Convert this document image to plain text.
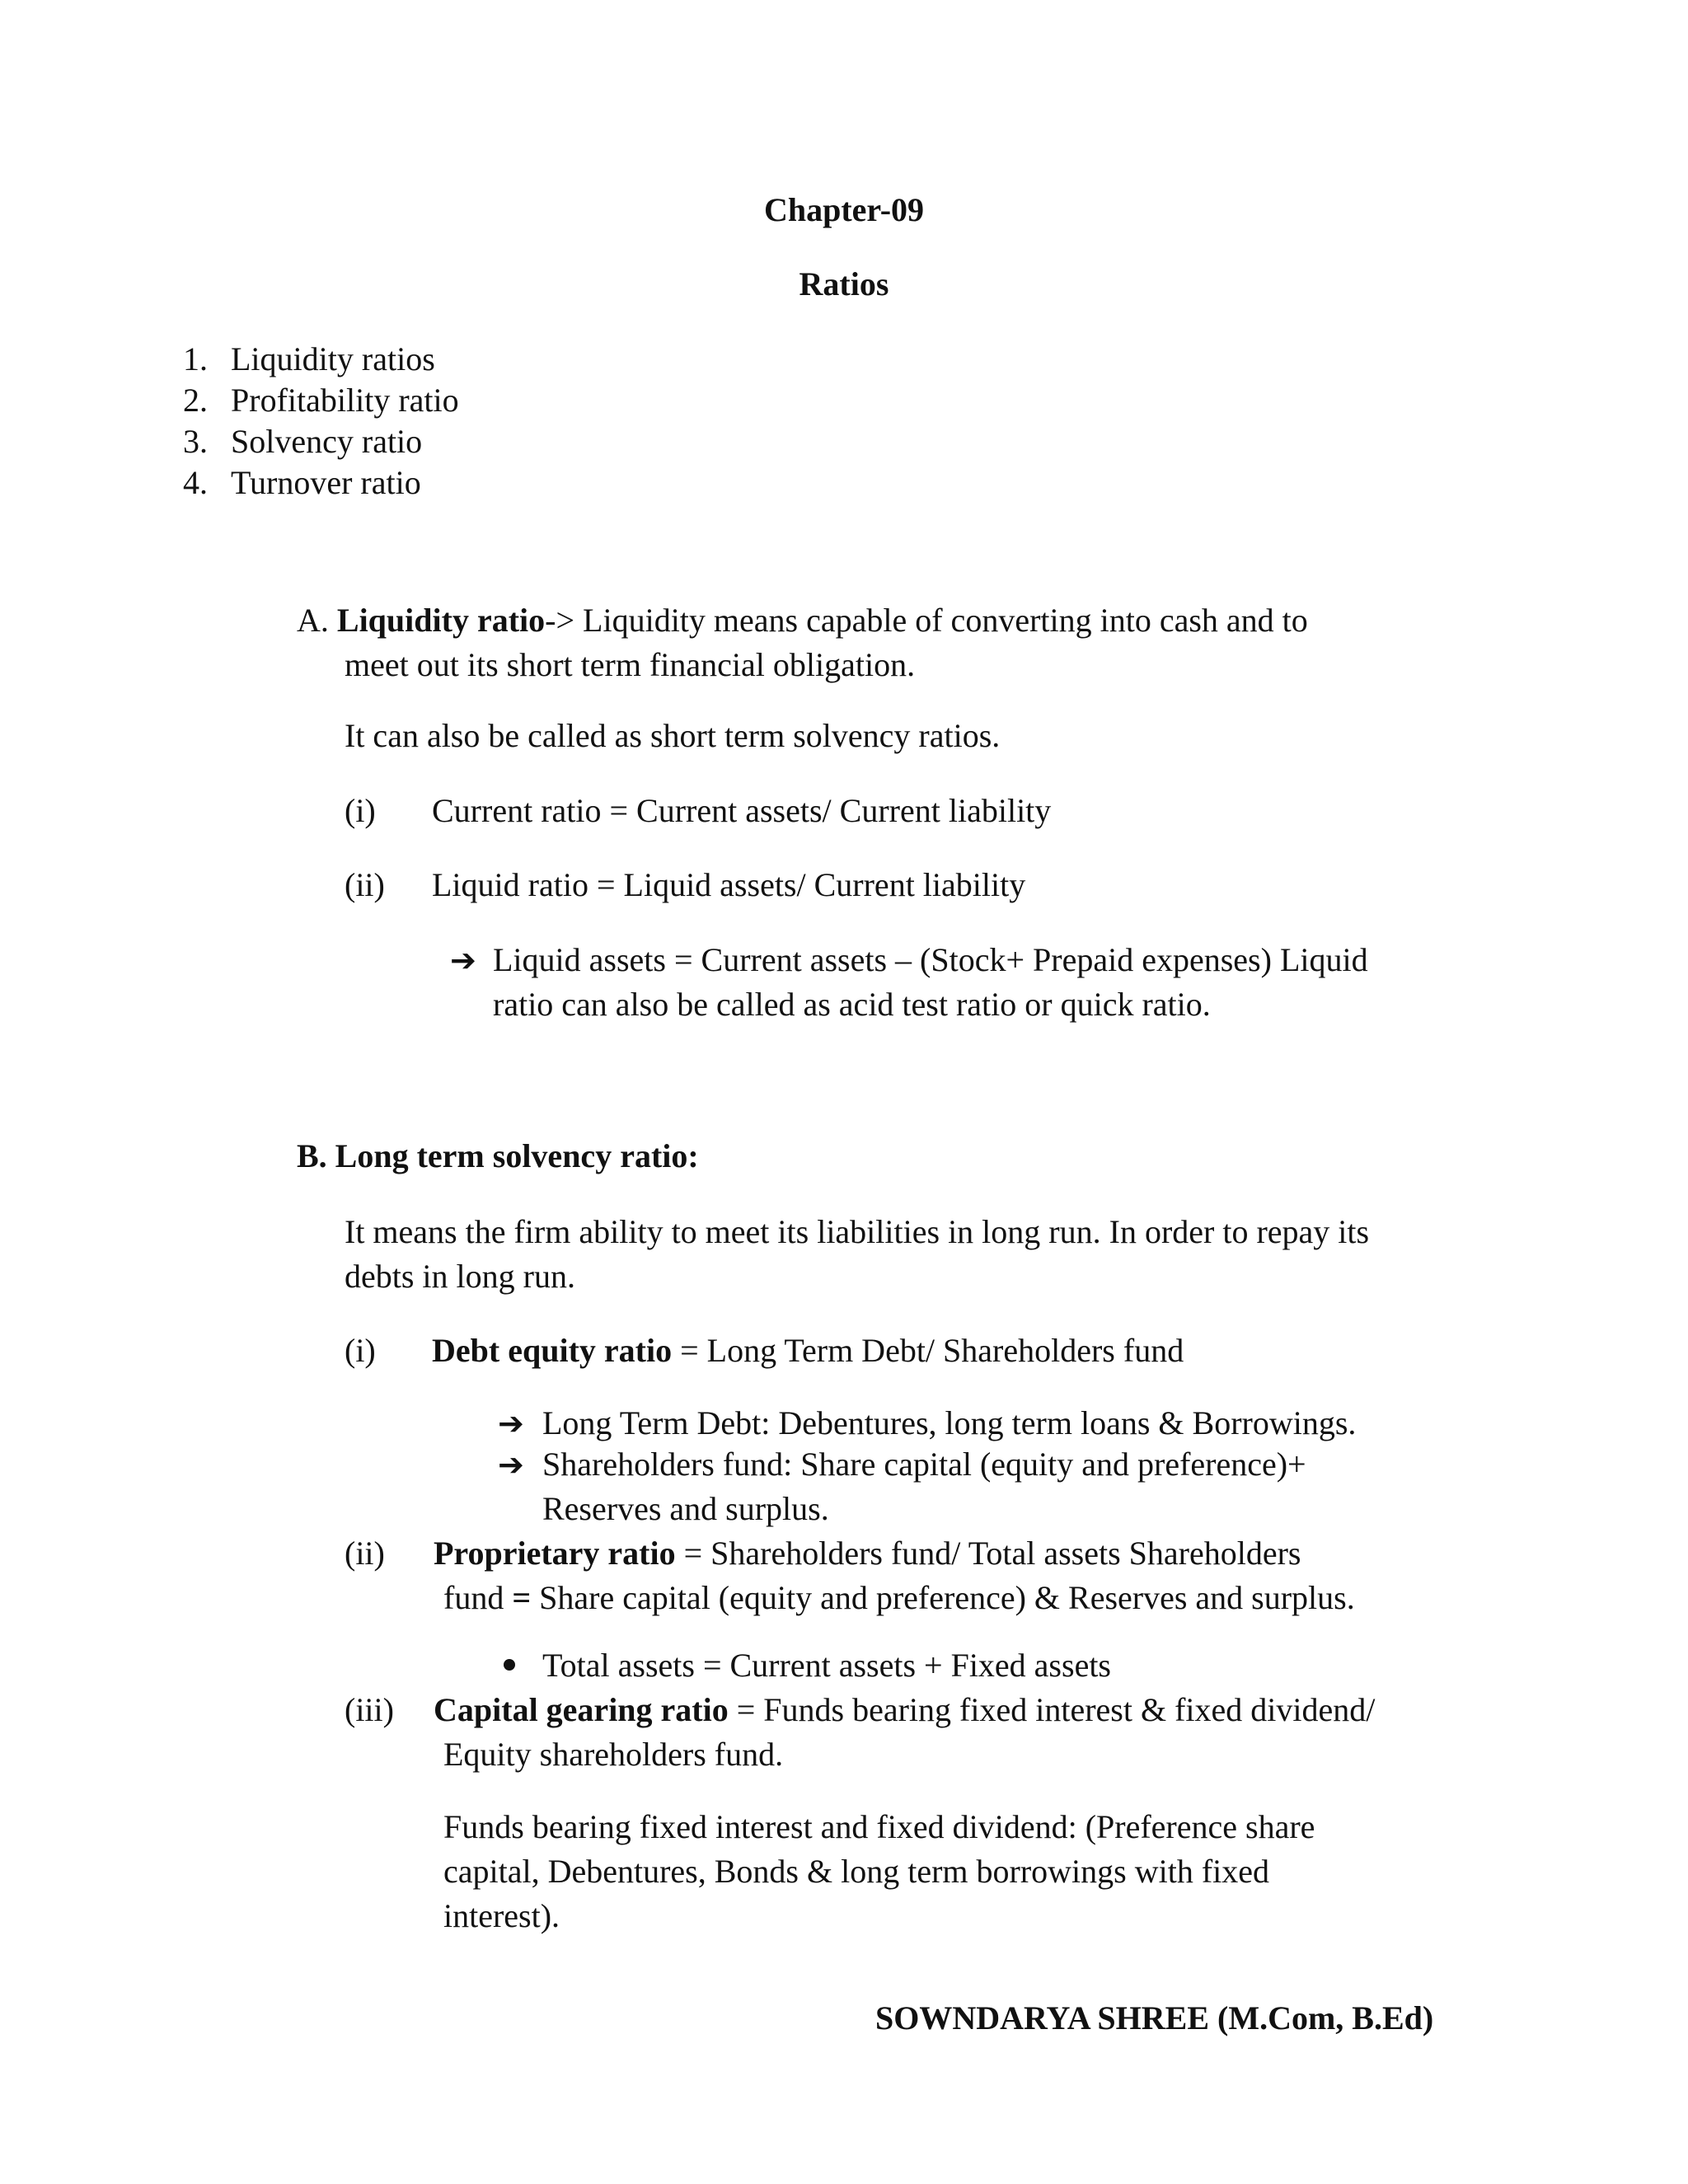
Chapter-09
Ratios
1. Liquidity ratios
2. Profitability ratio
3. Solvency ratio
4. Turnover ratio
A. Liquidity ratio-> Liquidity means capable of converting into cash and to
meet out its short term financial obligation.
It can also be called as short term solvency ratios.
(i) Current ratio = Current assets/ Current liability
(ii) Liquid ratio = Liquid assets/ Current liability
➔ Liquid assets = Current assets – (Stock+ Prepaid expenses) Liquid
ratio can also be called as acid test ratio or quick ratio.
B. Long term solvency ratio:
It means the firm ability to meet its liabilities in long run. In order to repay its
debts in long run.
(i) Debt equity ratio = Long Term Debt/ Shareholders fund
➔ Long Term Debt: Debentures, long term loans & Borrowings.
➔ Shareholders fund: Share capital (equity and preference)+
Reserves and surplus.
(ii) Proprietary ratio = Shareholders fund/ Total assets Shareholders
fund = Share capital (equity and preference) & Reserves and surplus.
Total assets = Current assets + Fixed assets
(iii) Capital gearing ratio = Funds bearing fixed interest & fixed dividend/
Equity shareholders fund.
Funds bearing fixed interest and fixed dividend: (Preference share
capital, Debentures, Bonds & long term borrowings with fixed
interest).
SOWNDARYA SHREE (M.Com, B.Ed)
